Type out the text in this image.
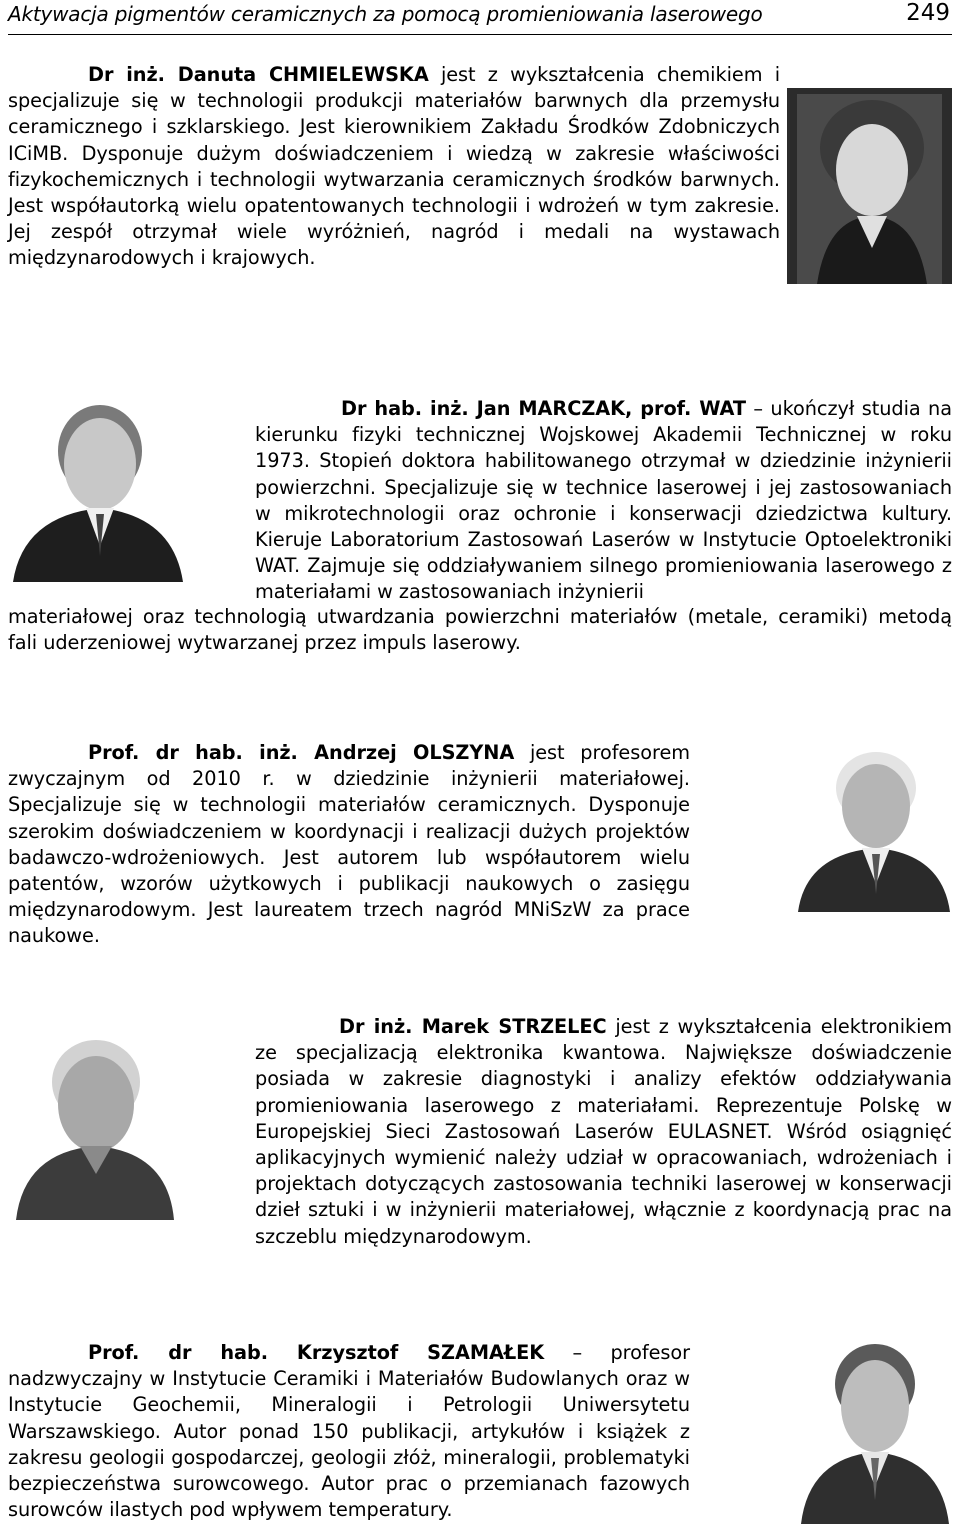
Aktywacja pigmentów ceramicznych za pomocą promieniowania laserowego	249

Dr inż. Danuta CHMIELEWSKA jest z wykształcenia chemikiem i specjalizuje się w technologii produkcji materiałów barwnych dla przemysłu ceramicznego i szklarskiego. Jest kierownikiem Zakładu Środków Zdobniczych ICiMB. Dysponuje dużym doświadczeniem i wiedzą w zakresie właściwości fizykochemicznych i technologii wytwarzania ceramicznych środków barwnych. Jest współautorką wielu opatentowanych technologii i wdrożeń w tym zakresie. Jej zespół otrzymał wiele wyróżnień, nagród i medali na wystawach międzynarodowych i krajowych.

Dr hab. inż. Jan MARCZAK, prof. WAT – ukończył studia na kierunku fizyki technicznej Wojskowej Akademii Technicznej w roku 1973. Stopień doktora habilitowanego otrzymał w dziedzinie inżynierii powierzchni. Specjalizuje się w technice laserowej i jej zastosowaniach w mikrotechnologii oraz ochronie i konserwacji dziedzictwa kultury. Kieruje Laboratorium Zastosowań Laserów w Instytucie Optoelektroniki WAT. Zajmuje się oddziaływaniem silnego promieniowania laserowego z materiałami w zastosowaniach inżynierii

materiałowej oraz technologią utwardzania powierzchni materiałów (metale, ceramiki) metodą fali uderzeniowej wytwarzanej przez impuls laserowy.

Prof. dr hab. inż. Andrzej OLSZYNA jest profesorem zwyczajnym od 2010 r. w dziedzinie inżynierii materiałowej. Specjalizuje się w technologii materiałów ceramicznych. Dysponuje szerokim doświadczeniem w koordynacji i realizacji dużych projektów badawczo-wdrożeniowych. Jest autorem lub współautorem wielu patentów, wzorów użytkowych i publikacji naukowych o zasięgu międzynarodowym. Jest laureatem trzech nagród MNiSzW za prace naukowe.

Dr inż. Marek STRZELEC jest z wykształcenia elektronikiem ze specjalizacją elektronika kwantowa. Największe doświadczenie posiada w zakresie diagnostyki i analizy efektów oddziaływania promieniowania laserowego z materiałami. Reprezentuje Polskę w Europejskiej Sieci Zastosowań Laserów EULASNET. Wśród osiągnięć aplikacyjnych wymienić należy udział w opracowaniach, wdrożeniach i projektach dotyczących zastosowania techniki laserowej w konserwacji dzieł sztuki i w inżynierii materiałowej, włącznie z koordynacją prac na szczeblu międzynarodowym.

Prof. dr hab. Krzysztof SZAMAŁEK – profesor nadzwyczajny w Instytucie Ceramiki i Materiałów Budowlanych oraz w Instytucie Geochemii, Mineralogii i Petrologii Uniwersytetu Warszawskiego. Autor ponad 150 publikacji, artykułów i książek z zakresu geologii gospodarczej, geologii złóż, mineralogii, problematyki bezpieczeństwa surowcowego. Autor prac o przemianach fazowych surowców ilastych pod wpływem temperatury.
